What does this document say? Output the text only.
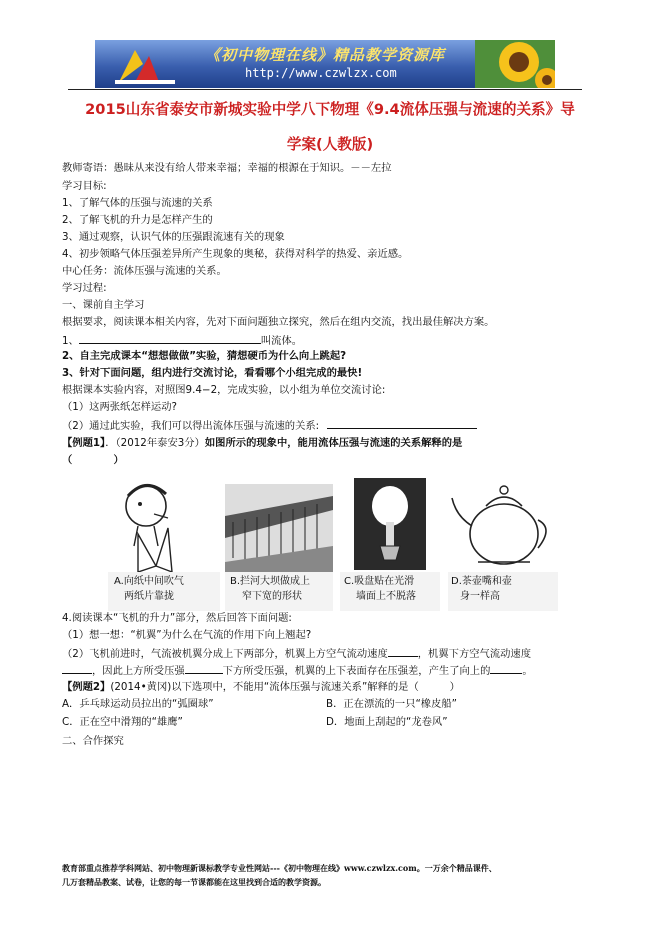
《初中物理在线》精品教学资源库
http://www.czwlzx.com
2015山东省泰安市新城实验中学八下物理《9.4流体压强与流速的关系》导
学案(人教版)
教师寄语：愚昧从来没有给人带来幸福；幸福的根源在于知识。－－左拉
学习目标:
1、了解气体的压强与流速的关系
2、了解飞机的升力是怎样产生的
3、通过观察，认识气体的压强跟流速有关的现象
4、初步领略气体压强差异所产生现象的奥秘，获得对科学的热爱、亲近感。
中心任务：流体压强与流速的关系。
学习过程:
一、课前自主学习
根据要求，阅读课本相关内容，先对下面问题独立探究，然后在组内交流，找出最佳解决方案。
1、	叫流体。
2、自主完成课本“想想做做”实验，猜想硬币为什么向上跳起?
3、针对下面问题，组内进行交流讨论，看看哪个小组完成的最快!
根据课本实验内容，对照图9.4−2，完成实验，以小组为单位交流讨论:
（1）这两张纸怎样运动?
（2）通过此实验，我们可以得出流体压强与流速的关系:
【例题1】．（2012年泰安3分）如图所示的现象中，能用流体压强与流速的关系解释的是
（　　　　）
A.向纸中间吹气
两纸片靠拢
B.拦河大坝做成上
窄下宽的形状
C.吸盘贴在光滑
墙面上不脱落
D.茶壶嘴和壶
身一样高
4.阅读课本“飞机的升力”部分，然后回答下面问题:
（1）想一想：“机翼”为什么在气流的作用下向上翘起?
（2）飞机前进时，气流被机翼分成上下两部分，机翼上方空气流动速度	，机翼下方空气流动速度
，因此上方所受压强	下方所受压强，机翼的上下表面存在压强差，产生了向上的	。
【例题2】(2014•黄冈)以下选项中，不能用“流体压强与流速关系”解释的是（　　　）
A．乒乓球运动员拉出的“弧圈球”	B．正在漂流的一只“橡皮船”
C．正在空中滑翔的“雄鹰”	D．地面上刮起的“龙卷风”
二、合作探究
教育部重点推荐学科网站、初中物理新课标教学专业性网站---《初中物理在线》www.czwlzx.com。一万余个精品课件、
几万套精品教案、试卷，让您的每一节课都能在这里找到合适的教学资源。
